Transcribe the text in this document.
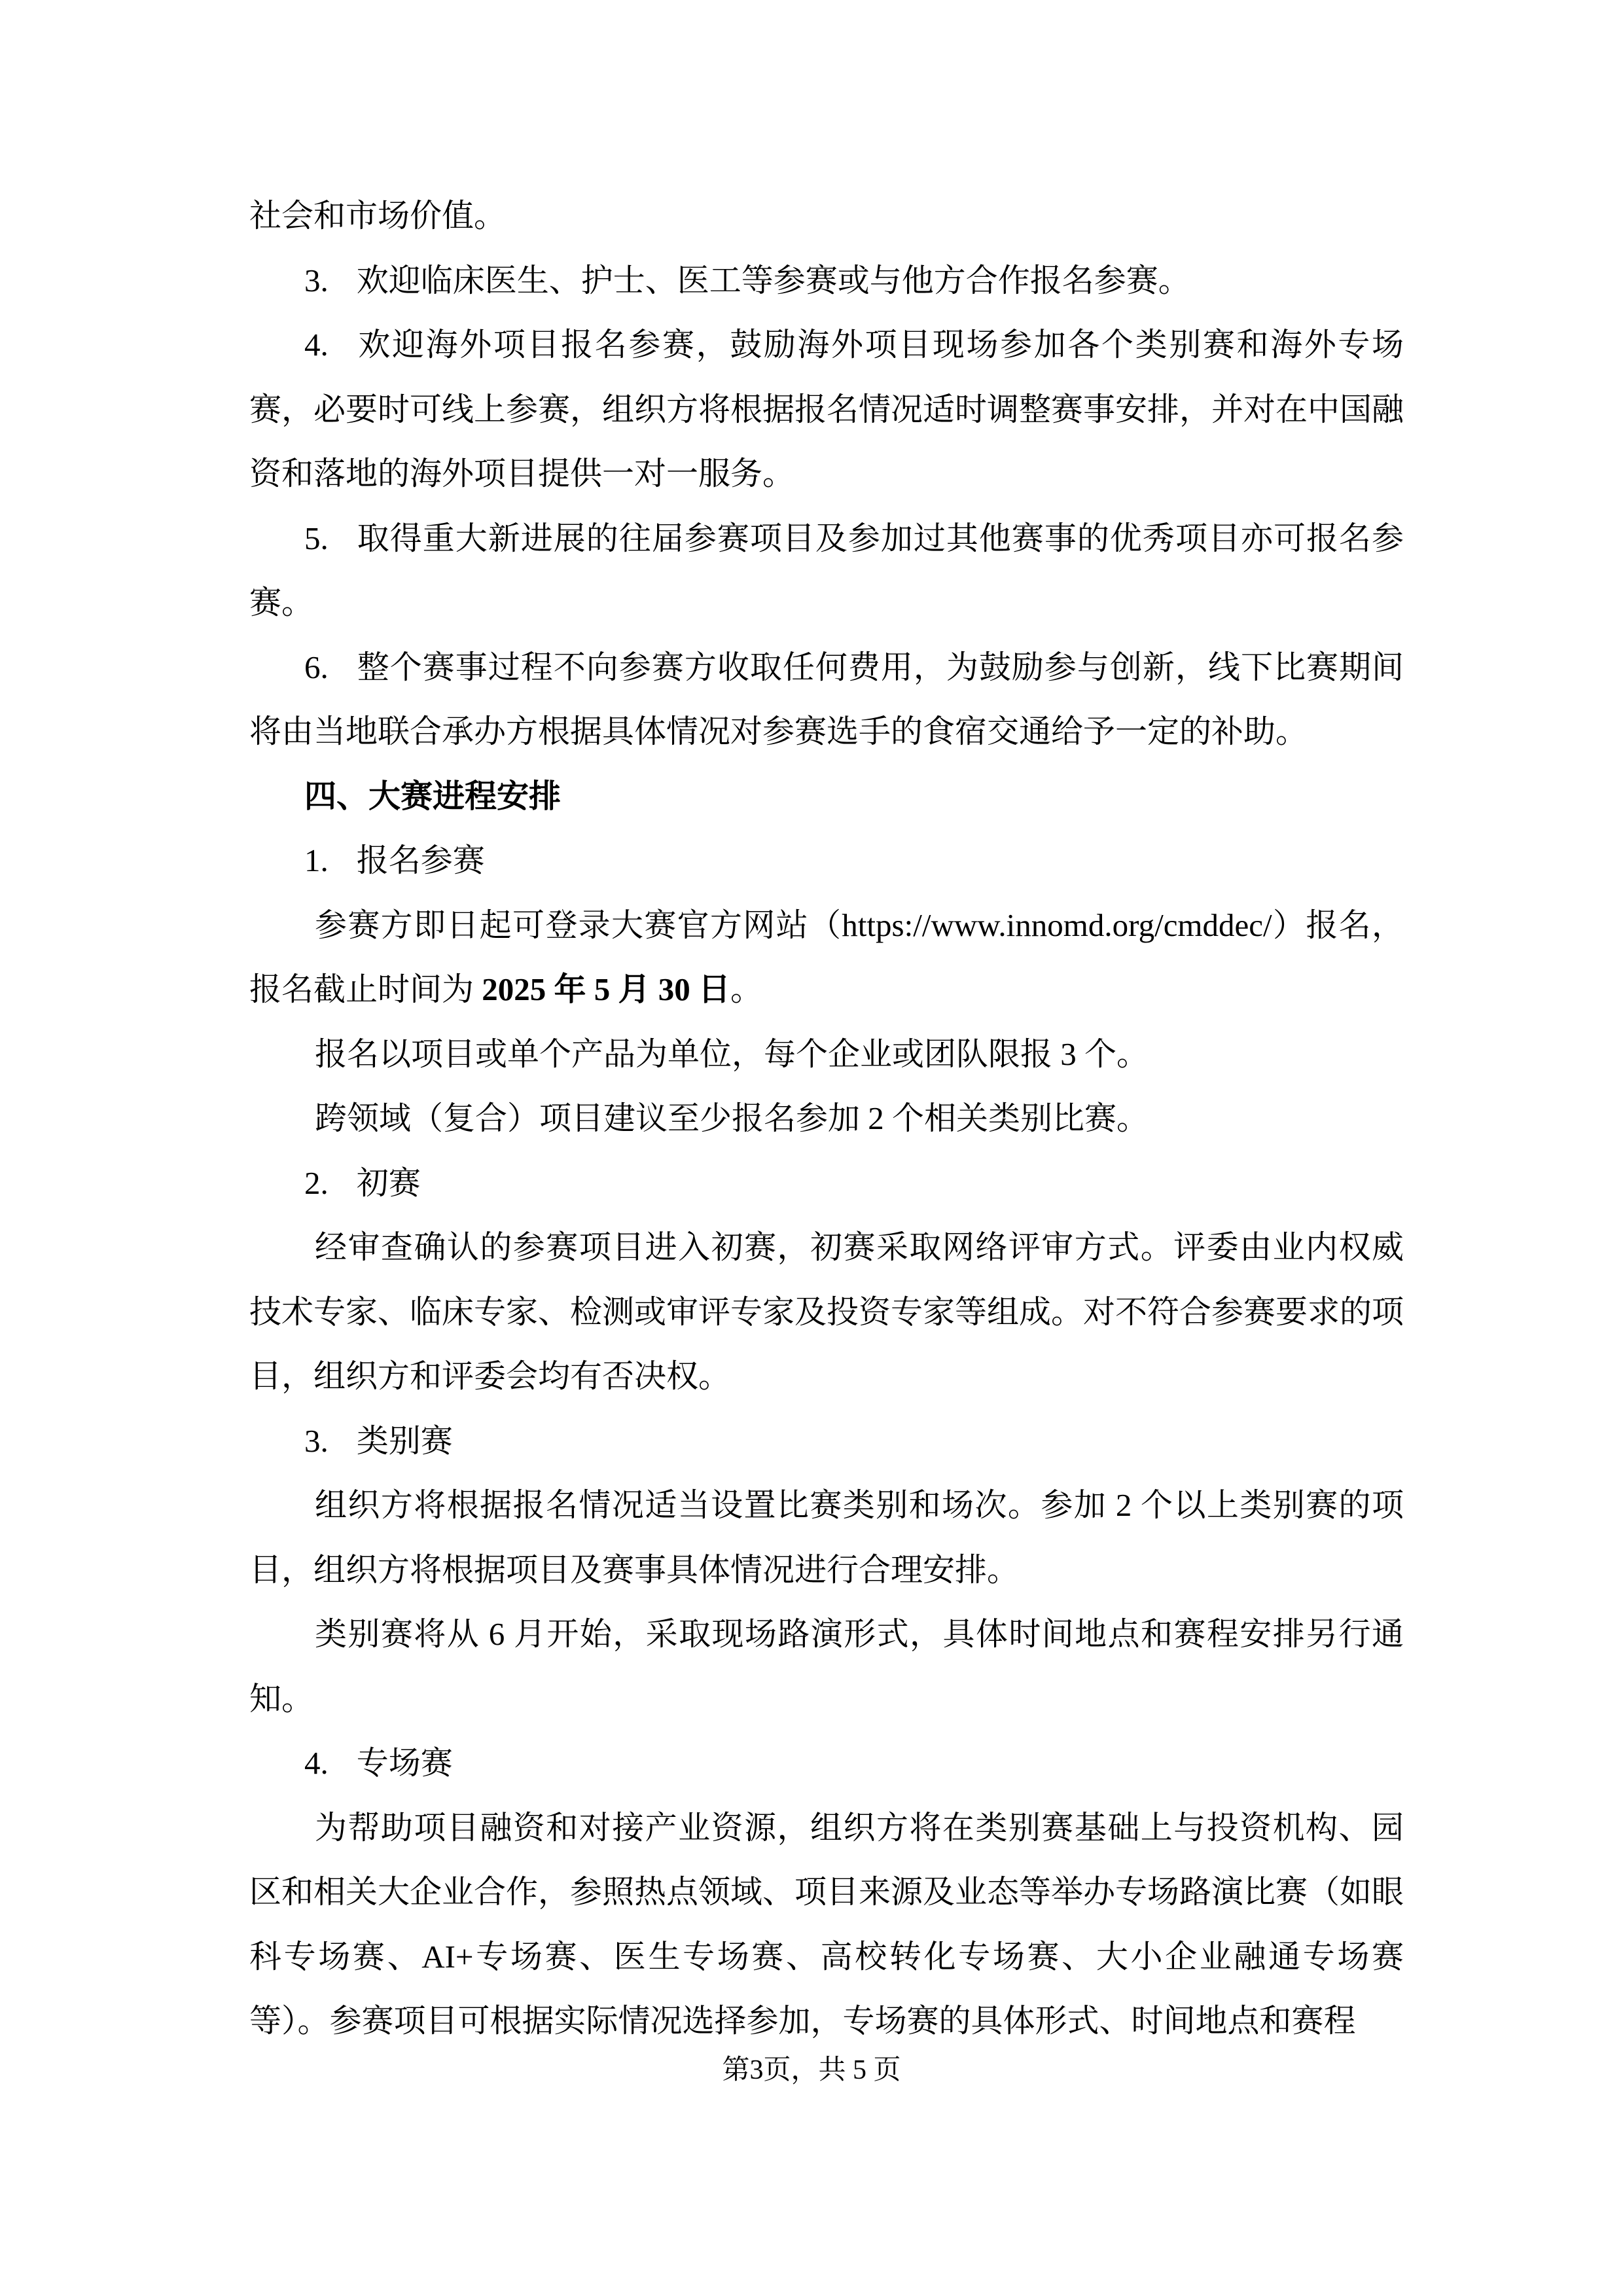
社会和市场价值。

3. 欢迎临床医生、护士、医工等参赛或与他方合作报名参赛。

4. 欢迎海外项目报名参赛，鼓励海外项目现场参加各个类别赛和海外专场赛，必要时可线上参赛，组织方将根据报名情况适时调整赛事安排，并对在中国融资和落地的海外项目提供一对一服务。

5. 取得重大新进展的往届参赛项目及参加过其他赛事的优秀项目亦可报名参赛。

6. 整个赛事过程不向参赛方收取任何费用，为鼓励参与创新，线下比赛期间将由当地联合承办方根据具体情况对参赛选手的食宿交通给予一定的补助。

四、大赛进程安排

1. 报名参赛

参赛方即日起可登录大赛官方网站（https://www.innomd.org/cmddec/）报名，报名截止时间为 2025 年 5 月 30 日。

报名以项目或单个产品为单位，每个企业或团队限报 3 个。

跨领域（复合）项目建议至少报名参加 2 个相关类别比赛。

2. 初赛

经审查确认的参赛项目进入初赛，初赛采取网络评审方式。评委由业内权威技术专家、临床专家、检测或审评专家及投资专家等组成。对不符合参赛要求的项目，组织方和评委会均有否决权。

3. 类别赛

组织方将根据报名情况适当设置比赛类别和场次。参加 2 个以上类别赛的项目，组织方将根据项目及赛事具体情况进行合理安排。

类别赛将从 6 月开始，采取现场路演形式，具体时间地点和赛程安排另行通知。

4. 专场赛

为帮助项目融资和对接产业资源，组织方将在类别赛基础上与投资机构、园区和相关大企业合作，参照热点领域、项目来源及业态等举办专场路演比赛（如眼科专场赛、AI+专场赛、医生专场赛、高校转化专场赛、大小企业融通专场赛等）。参赛项目可根据实际情况选择参加，专场赛的具体形式、时间地点和赛程

第3页，共 5 页
